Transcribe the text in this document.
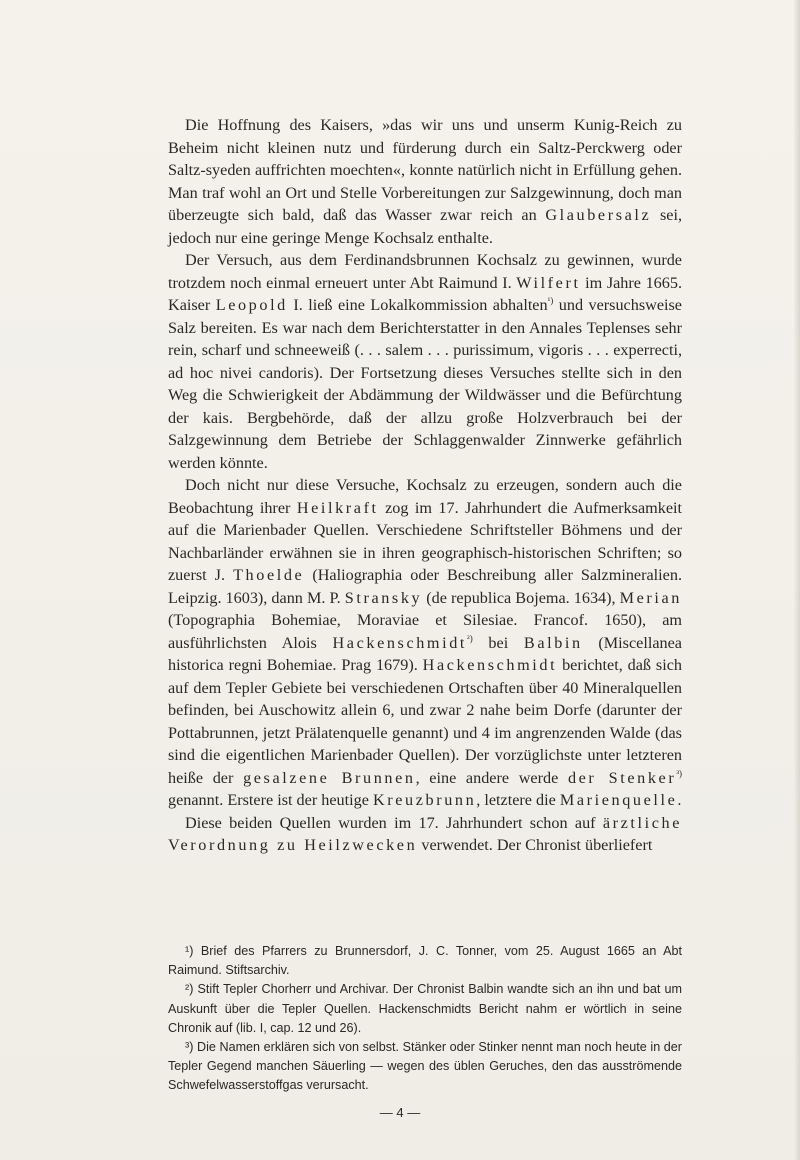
Die Hoffnung des Kaisers, »das wir uns und unserm Kunig-Reich zu Beheim nicht kleinen nutz und fürderung durch ein Saltz-Perckwerg oder Saltz-syeden auffrichten moechten«, konnte natürlich nicht in Erfüllung gehen. Man traf wohl an Ort und Stelle Vorbereitungen zur Salzgewinnung, doch man überzeugte sich bald, daß das Wasser zwar reich an Glaubersalz sei, jedoch nur eine geringe Menge Kochsalz enthalte.

Der Versuch, aus dem Ferdinandsbrunnen Kochsalz zu gewinnen, wurde trotzdem noch einmal erneuert unter Abt Raimund I. Wilfert im Jahre 1665. Kaiser Leopold I. ließ eine Lokalkommission abhalten$^{^1)}$ und versuchsweise Salz bereiten. Es war nach dem Berichterstatter in den Annales Teplenses sehr rein, scharf und schneeweiß (. . . salem . . . purissimum, vigoris . . . experrecti, ad hoc nivei candoris). Der Fortsetzung dieses Versuches stellte sich in den Weg die Schwierigkeit der Abdämmung der Wildwässer und die Befürchtung der kais. Bergbehörde, daß der allzu große Holzverbrauch bei der Salzgewinnung dem Betriebe der Schlaggenwalder Zinnwerke gefährlich werden könnte.

Doch nicht nur diese Versuche, Kochsalz zu erzeugen, sondern auch die Beobachtung ihrer Heilkraft zog im 17. Jahrhundert die Aufmerksamkeit auf die Marienbader Quellen. Verschiedene Schriftsteller Böhmens und der Nachbarländer erwähnen sie in ihren geographisch-historischen Schriften; so zuerst J. Thoelde (Haliographia oder Beschreibung aller Salzmineralien. Leipzig. 1603), dann M. P. Stransky (de republica Bojema. 1634), Merian (Topographia Bohemiae, Moraviae et Silesiae. Francof. 1650), am ausführlichsten Alois Hackenschmidt$^{^2)}$ bei Balbin (Miscellanea historica regni Bohemiae. Prag 1679). Hackenschmidt berichtet, daß sich auf dem Tepler Gebiete bei verschiedenen Ortschaften über 40 Mineralquellen befinden, bei Auschowitz allein 6, und zwar 2 nahe beim Dorfe (darunter der Pottabrunnen, jetzt Prälatenquelle genannt) und 4 im angrenzenden Walde (das sind die eigentlichen Marienbader Quellen). Der vorzüglichste unter letzteren heiße der gesalzene Brunnen, eine andere werde der Stenker$^{^3)}$ genannt. Erstere ist der heutige Kreuzbrunn, letztere die Marienquelle.

Diese beiden Quellen wurden im 17. Jahrhundert schon auf ärztliche Verordnung zu Heilzwecken verwendet. Der Chronist überliefert

¹) Brief des Pfarrers zu Brunnersdorf, J. C. Tonner, vom 25. August 1665 an Abt Raimund. Stiftsarchiv.

²) Stift Tepler Chorherr und Archivar. Der Chronist Balbin wandte sich an ihn und bat um Auskunft über die Tepler Quellen. Hackenschmidts Bericht nahm er wörtlich in seine Chronik auf (lib. I, cap. 12 und 26).

³) Die Namen erklären sich von selbst. Stänker oder Stinker nennt man noch heute in der Tepler Gegend manchen Säuerling — wegen des üblen Geruches, den das ausströmende Schwefelwasserstoffgas verursacht.

— 4 —
